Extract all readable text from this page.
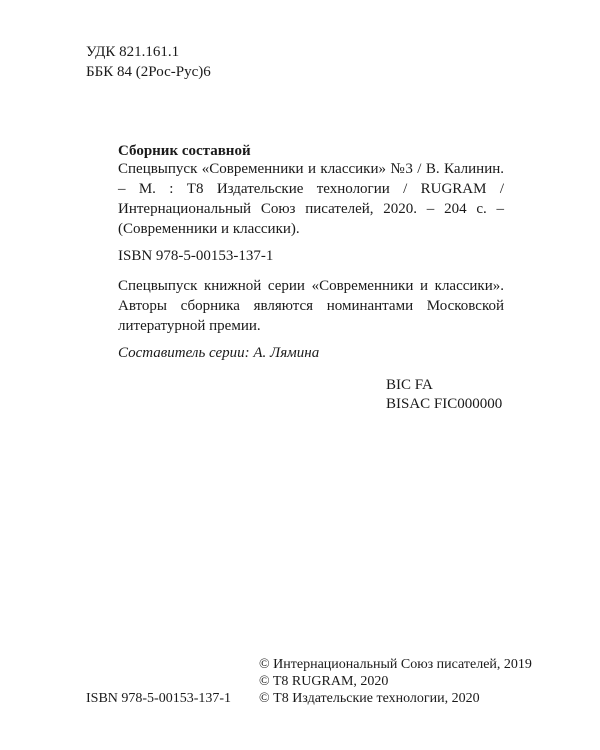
УДК 821.161.1
ББК 84 (2Рос-Рус)6
Сборник составной
Спецвыпуск «Современники и классики» №3 / В. Калинин. – М. : Т8 Издательские технологии / RUGRAM / Интернациональный Союз писателей, 2020. – 204 с. – (Современники и классики).
ISBN 978-5-00153-137-1
Спецвыпуск книжной серии «Современники и классики». Авторы сборника являются номинантами Московской литературной премии.
Составитель серии: А. Лямина
BIC FA
BISAC FIC000000
© Интернациональный Союз писателей, 2019
© T8 RUGRAM, 2020
© Т8 Издательские технологии, 2020
ISBN 978-5-00153-137-1
